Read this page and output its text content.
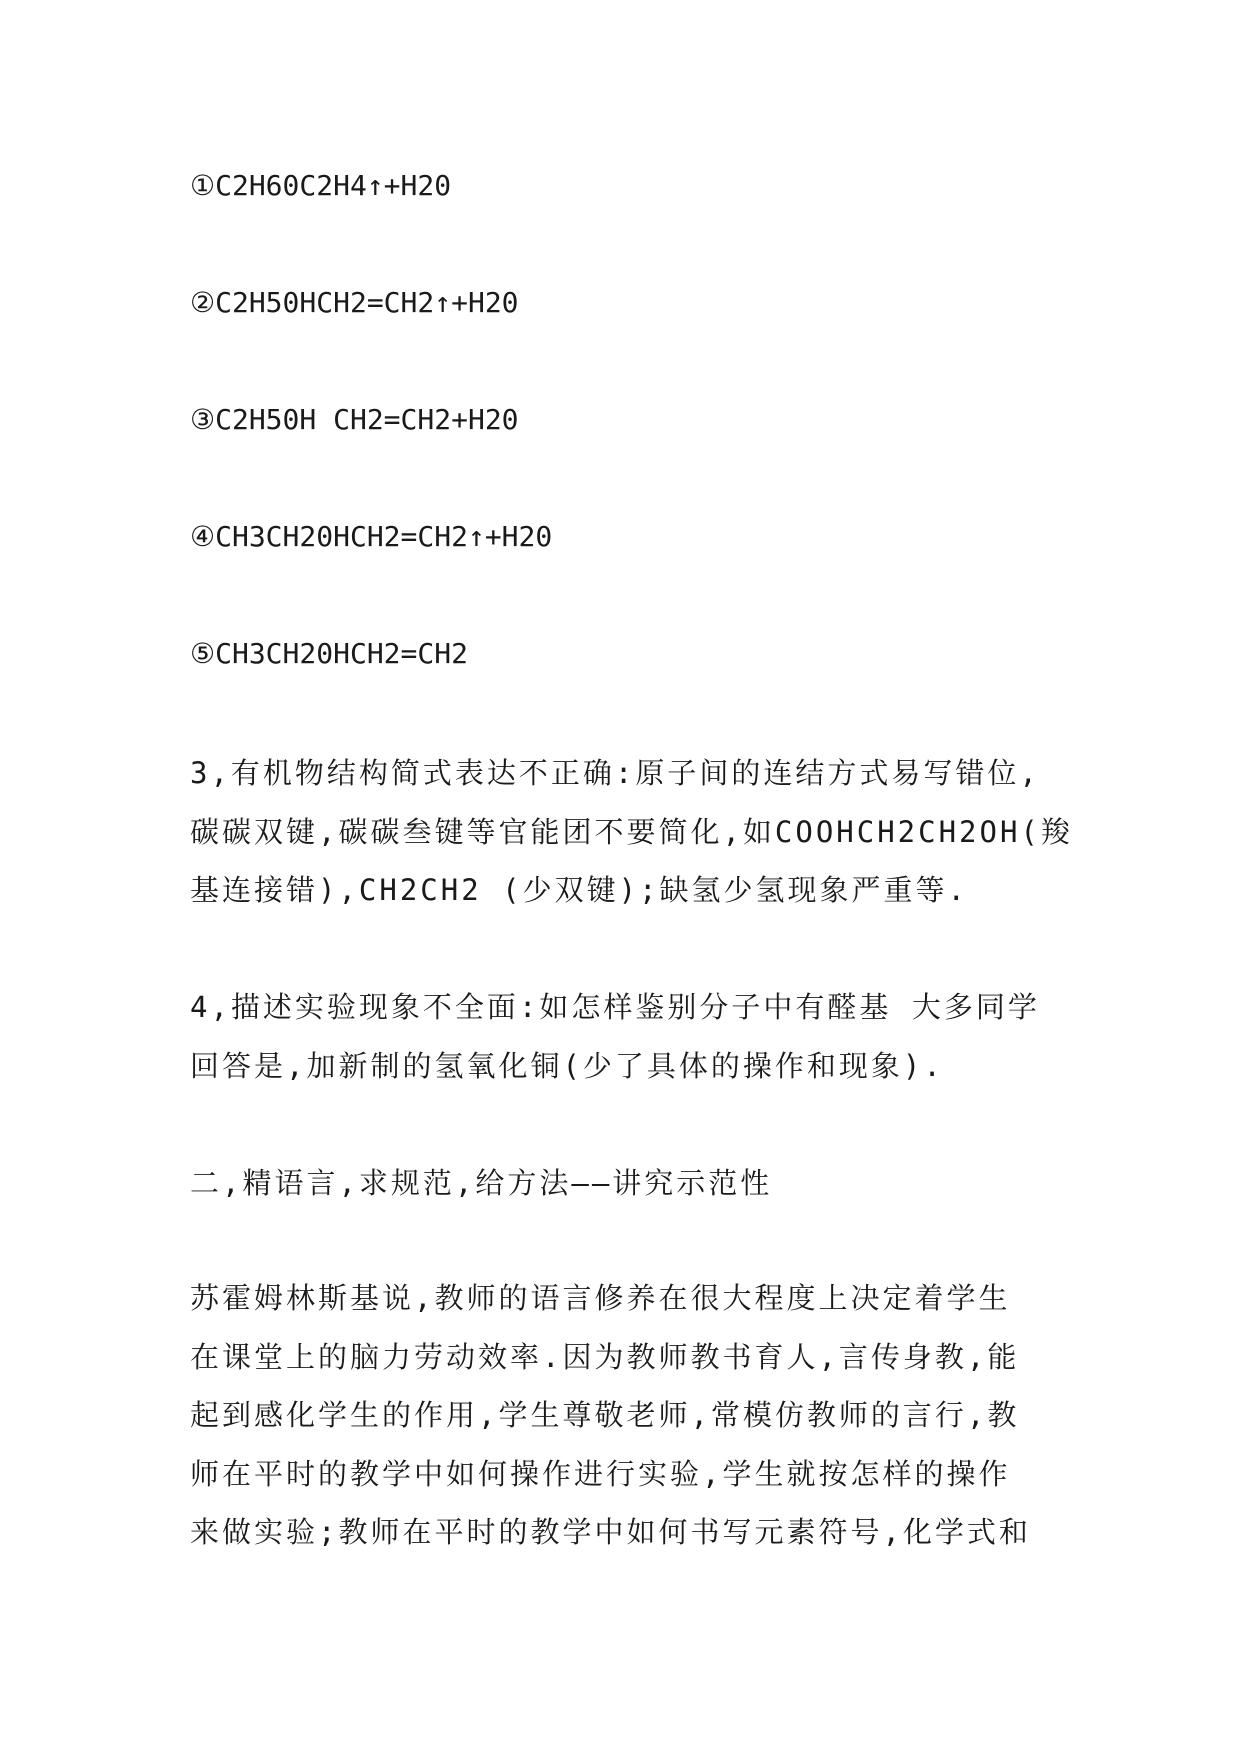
①C2H60C2H4↑+H20
②C2H50HCH2=CH2↑+H20
③C2H50H CH2=CH2+H20
④CH3CH20HCH2=CH2↑+H20
⑤CH3CH20HCH2=CH2
3,有机物结构简式表达不正确:原子间的连结方式易写错位,
碳碳双键,碳碳叁键等官能团不要简化,如COOHCH2CH2OH(羧
基连接错),CH2CH2 (少双键);缺氢少氢现象严重等.
4,描述实验现象不全面:如怎样鉴别分子中有醛基 大多同学
回答是,加新制的氢氧化铜(少了具体的操作和现象).
二,精语言,求规范,给方法——讲究示范性
苏霍姆林斯基说,教师的语言修养在很大程度上决定着学生
在课堂上的脑力劳动效率.因为教师教书育人,言传身教,能
起到感化学生的作用,学生尊敬老师,常模仿教师的言行,教
师在平时的教学中如何操作进行实验,学生就按怎样的操作
来做实验;教师在平时的教学中如何书写元素符号,化学式和
